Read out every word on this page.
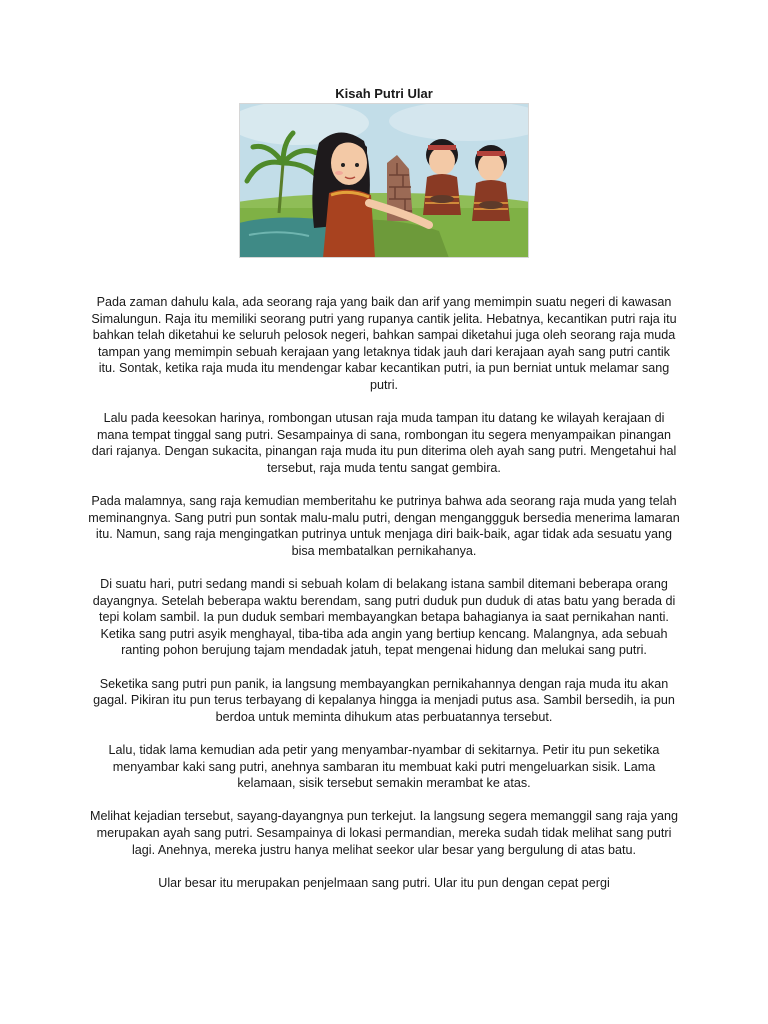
Kisah Putri Ular

Pada zaman dahulu kala, ada seorang raja yang baik dan arif yang memimpin suatu negeri di kawasan Simalungun. Raja itu memiliki seorang putri yang rupanya cantik jelita. Hebatnya, kecantikan putri raja itu bahkan telah diketahui ke seluruh pelosok negeri, bahkan sampai diketahui juga oleh seorang raja muda tampan yang memimpin sebuah kerajaan yang letaknya tidak jauh dari kerajaan ayah sang putri cantik itu. Sontak, ketika raja muda itu mendengar kabar kecantikan putri, ia pun berniat untuk melamar sang putri.

Lalu pada keesokan harinya, rombongan utusan raja muda tampan itu datang ke wilayah kerajaan di mana tempat tinggal sang putri. Sesampainya di sana, rombongan itu segera menyampaikan pinangan dari rajanya. Dengan sukacita, pinangan raja muda itu pun diterima oleh ayah sang putri. Mengetahui hal tersebut, raja muda tentu sangat gembira.

Pada malamnya, sang raja kemudian memberitahu ke putrinya bahwa ada seorang raja muda yang telah meminangnya. Sang putri pun sontak malu-malu putri, dengan menganggguk bersedia menerima lamaran itu. Namun, sang raja mengingatkan putrinya untuk menjaga diri baik-baik, agar tidak ada sesuatu yang bisa membatalkan pernikahanya.

Di suatu hari, putri sedang mandi si sebuah kolam di belakang istana sambil ditemani beberapa orang dayangnya. Setelah beberapa waktu berendam, sang putri duduk pun duduk di atas batu yang berada di tepi kolam sambil. Ia pun duduk sembari membayangkan betapa bahagianya ia saat pernikahan nanti. Ketika sang putri asyik menghayal, tiba-tiba ada angin yang bertiup kencang. Malangnya, ada sebuah ranting pohon berujung tajam mendadak jatuh, tepat mengenai hidung dan melukai sang putri.

Seketika sang putri pun panik, ia langsung membayangkan pernikahannya dengan raja muda itu akan gagal. Pikiran itu pun terus terbayang di kepalanya hingga ia menjadi putus asa. Sambil bersedih, ia pun berdoa untuk meminta dihukum atas perbuatannya tersebut.

Lalu, tidak lama kemudian ada petir yang menyambar-nyambar di sekitarnya. Petir itu pun seketika menyambar kaki sang putri, anehnya sambaran itu membuat kaki putri mengeluarkan sisik. Lama kelamaan, sisik tersebut semakin merambat ke atas.

Melihat kejadian tersebut, sayang-dayangnya pun terkejut. Ia langsung segera memanggil sang raja yang merupakan ayah sang putri. Sesampainya di lokasi permandian, mereka sudah tidak melihat sang putri lagi. Anehnya, mereka justru hanya melihat seekor ular besar yang bergulung di atas batu.

Ular besar itu merupakan penjelmaan sang putri. Ular itu pun dengan cepat pergi
